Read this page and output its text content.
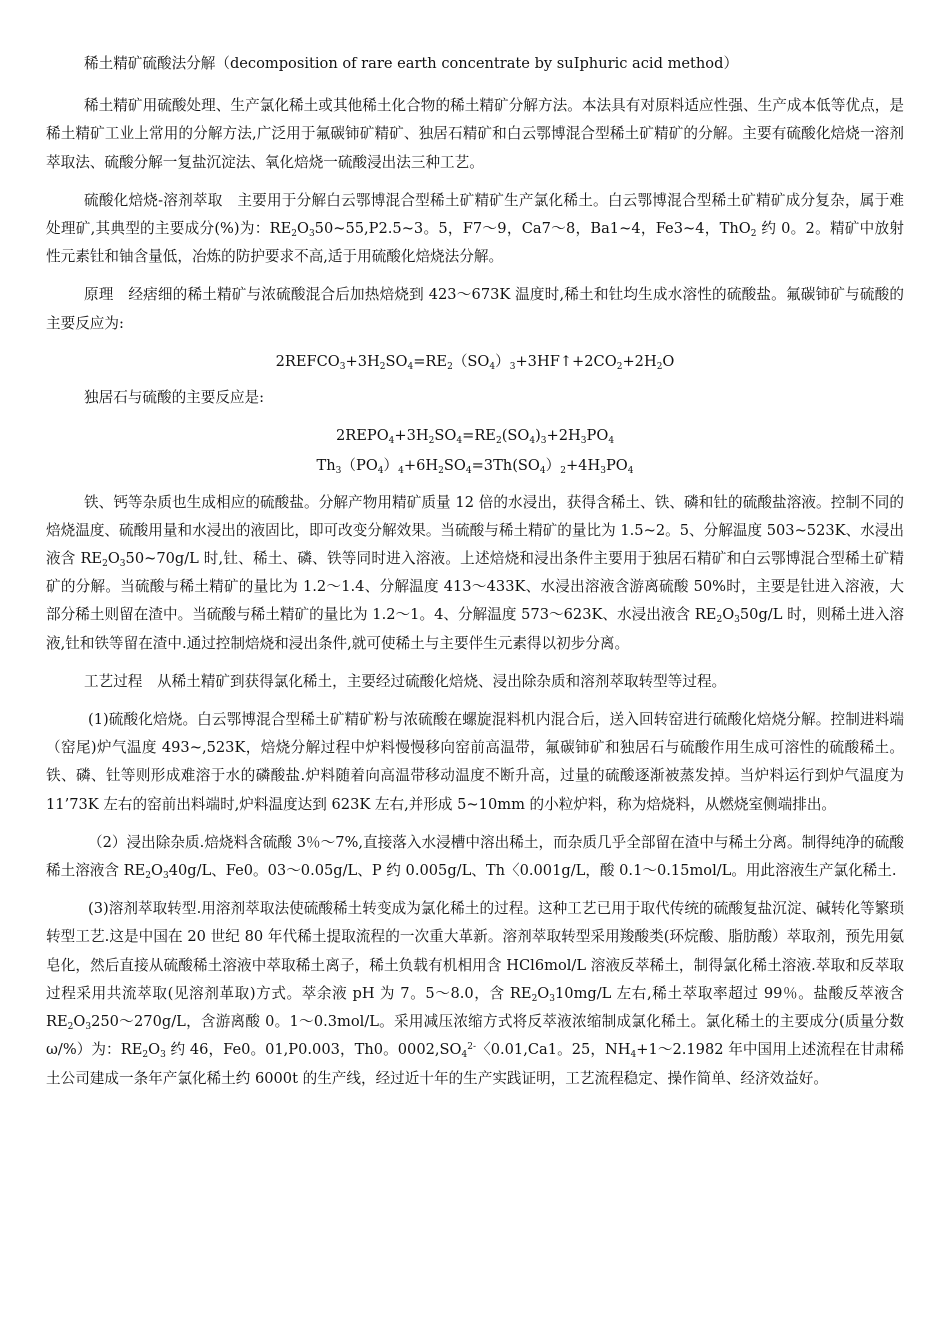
稀土精矿硫酸法分解（decomposition of rare earth concentrate by suIphuric acid method）

稀土精矿用硫酸处理、生产氯化稀土或其他稀土化合物的稀土精矿分解方法。本法具有对原料适应性强、生产成本低等优点，是稀土精矿工业上常用的分解方法,广泛用于氟碳铈矿精矿、独居石精矿和白云鄂博混合型稀土矿精矿的分解。主要有硫酸化焙烧一溶剂萃取法、硫酸分解一复盐沉淀法、氧化焙烧一硫酸浸出法三种工艺。

硫酸化焙烧-溶剂萃取　主要用于分解白云鄂博混合型稀土矿精矿生产氯化稀土。白云鄂博混合型稀土矿精矿成分复杂，属于难处理矿,其典型的主要成分(%)为：$RE_2O_350\sim 55,P2.5\sim 3$。5，F7～9，Ca7～8，Ba1~4，Fe3~4，ThO$_2$ 约 0。2。精矿中放射性元素钍和铀含量低，冶炼的防护要求不高,适于用硫酸化焙烧法分解。

原理　经痞细的稀土精矿与浓硫酸混合后加热焙烧到 423～673K 温度时,稀土和钍均生成水溶性的硫酸盐。氟碳铈矿与硫酸的主要反应为:

$2REFCO_3+3H_2SO_4=RE_2(SO_4)_3+3HF↑+2CO_2+2H_2O$

独居石与硫酸的主要反应是:

$2REPO_4+3H_2SO_4=RE_2(SO_4)_3+2H_3PO_4$
$Th_3(PO_4)_4+6H_2SO_4=3Th(SO_4)_2+4H_3PO_4$

铁、钙等杂质也生成相应的硫酸盐。分解产物用精矿质量 12 倍的水浸出，获得含稀土、铁、磷和钍的硫酸盐溶液。控制不同的焙烧温度、硫酸用量和水浸出的液固比，即可改变分解效果。当硫酸与稀土精矿的量比为 1.5~2。5、分解温度 503~523K、水浸出液含 $RE_2O_350\sim 70g/L$ 时,钍、稀土、磷、铁等同时进入溶液。上述焙烧和浸出条件主要用于独居石精矿和白云鄂博混合型稀土矿精矿的分解。当硫酸与稀土精矿的量比为 1.2～1.4、分解温度 413～433K、水浸出溶液含游离硫酸 50%时，主要是钍进入溶液，大部分稀土则留在渣中。当硫酸与稀土精矿的量比为 1.2～1。4、分解温度 573～623K、水浸出液含 $RE_2O_350g/L$ 时，则稀土进入溶液,钍和铁等留在渣中.通过控制焙烧和浸出条件,就可使稀土与主要伴生元素得以初步分离。

工艺过程　从稀土精矿到获得氯化稀土，主要经过硫酸化焙烧、浸出除杂质和溶剂萃取转型等过程。

(1)硫酸化焙烧。白云鄂博混合型稀土矿精矿粉与浓硫酸在螺旋混料机内混合后，送入回转窑进行硫酸化焙烧分解。控制进料端（窑尾)炉气温度 493~,523K，焙烧分解过程中炉料慢慢移向窑前高温带，氟碳铈矿和独居石与硫酸作用生成可溶性的硫酸稀土。铁、磷、钍等则形成难溶于水的磷酸盐.炉料随着向高温带移动温度不断升高，过量的硫酸逐渐被蒸发掉。当炉料运行到炉气温度为 11’73K 左右的窑前出料端时,炉料温度达到 623K 左右,并形成 5~10mm 的小粒炉料，称为焙烧料，从燃烧室侧端排出。

（2）浸出除杂质.焙烧料含硫酸 3％～7%,直接落入水浸槽中溶出稀土，而杂质几乎全部留在渣中与稀土分离。制得纯净的硫酸稀土溶液含 $RE_2O_340g/L$、Fe0。03～0.05g/L、P 约 0.005g/L、Th〈0.001g/L，酸 0.1～0.15mol/L。用此溶液生产氯化稀土.

(3)溶剂萃取转型.用溶剂萃取法使硫酸稀土转变成为氯化稀土的过程。这种工艺已用于取代传统的硫酸复盐沉淀、碱转化等繁琐转型工艺.这是中国在 20 世纪 80 年代稀土提取流程的一次重大革新。溶剂萃取转型采用羧酸类(环烷酸、脂肪酸）萃取剂，预先用氨皂化，然后直接从硫酸稀土溶液中萃取稀土离子，稀土负载有机相用含 HCl6mol/L 溶液反萃稀土，制得氯化稀土溶液.萃取和反萃取过程采用共流萃取(见溶剂革取)方式。萃余液 pH 为 7。5～8.0，含 $RE_2O_310mg/L$ 左右,稀土萃取率超过 99％。盐酸反萃液含 $RE_2O_3250\sim 270g/L$，含游离酸 0。1～0.3mol/L。采用减压浓缩方式将反萃液浓缩制成氯化稀土。氯化稀土的主要成分(质量分数ω/%）为：$RE_2O_3$ 约 46，Fe0。01,P0.003，Th0。$0002,SO_4^{2-}$〈0.01,Ca1。25，$NH_4+1\sim 2.1982$ 年中国用上述流程在甘肃稀土公司建成一条年产氯化稀土约 6000t 的生产线，经过近十年的生产实践证明，工艺流程稳定、操作简单、经济效益好。
